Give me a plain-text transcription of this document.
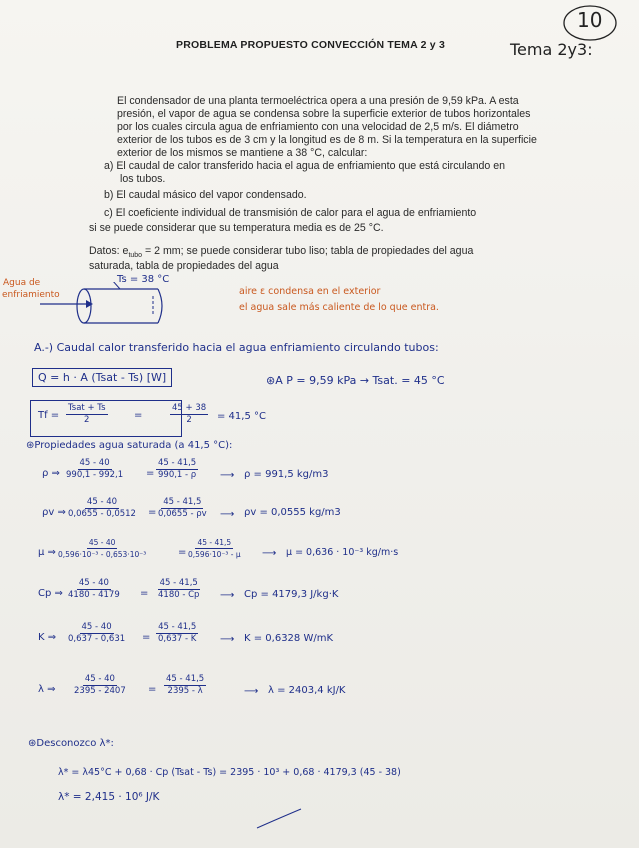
10
PROBLEMA PROPUESTO CONVECCIÓN TEMA 2 y 3	Tema 2y3:
El condensador de una planta termoeléctrica opera a una presión de 9,59 kPa. A esta
presión, el vapor de agua se condensa sobre la superficie exterior de tubos horizontales
por los cuales circula agua de enfriamiento con una velocidad de 2,5 m/s. El diámetro
exterior de los tubos es de 3 cm y la longitud es de 8 m. Si la temperatura en la superficie
exterior de los mismos se mantiene a 38 °C, calcular:
a) El caudal de calor transferido hacia el agua de enfriamiento que está circulando en
los tubos.
b) El caudal másico del vapor condensado.
c) El coeficiente individual de transmisión de calor para el agua de enfriamiento
si se puede considerar que su temperatura media es de 25 °C.
Datos: $e_{tubo} = 2$ mm; se puede considerar tubo liso; tabla de propiedades del agua
saturada, tabla de propiedades del agua
Agua de
enfriamiento
Ts = 38 °C
aire ε condensa en el exterior
el agua sale más caliente de lo que entra.
A.-) Caudal calor transferido hacia el agua enfriamiento circulando tubos:
Q = h · A (Tsat - Ts) [W]	⊛A P = 9,59 kPa → Tsat. = 45 °C
Tf =
Tsat + Ts
2	=	$\frac{45 + 38}{2} = 41,5$ °C
⊛Propiedades agua saturada (a 41,5 °C):
ρ ⇒ $\frac{45 - 40}{990,1 - 992,1} = \frac{45 - 41,5}{990,1 - \rho}$ ⟶ ρ = 991,5 kg/m3
ρv ⇒ $\frac{45 - 40}{0,0655 - 0,0512} = \frac{45 - 41,5}{0,0655 - \rho v}$ ⟶ ρv = 0,0555 kg/m3
μ ⇒ $\frac{45 - 40}{\text{0,596·10⁻³ - 0,653·10⁻³}}$	= $\frac{45 - 41,5}{\text{0,596·10⁻³ - μ}}$ ⟶ μ = 0,636 · 10⁻³ kg/m·s
Cp ⇒ $\frac{45 - 40}{4180 - 4179} = \frac{45 - 41,5}{4180 - Cp}$ ⟶ Cp = 4179,3 J/kg·K
K ⇒ $\frac{45 - 40}{0,637 - 0,631} = \frac{45 - 41,5}{0,637 - K}$ ⟶ K = 0,6328 W/mK
λ ⇒ $\frac{45 - 40}{2395 - 2407} = \frac{45 - 41,5}{2395 - \lambda}$	⟶ λ = 2403,4 kJ/K
⊛Desconozco λ*:
λ* = λ45°C + 0,68 · Cp (Tsat - Ts) = 2395 · 10³ + 0,68 · 4179,3 (45 - 38)
λ* = 2,415 · 10⁶ J/K
